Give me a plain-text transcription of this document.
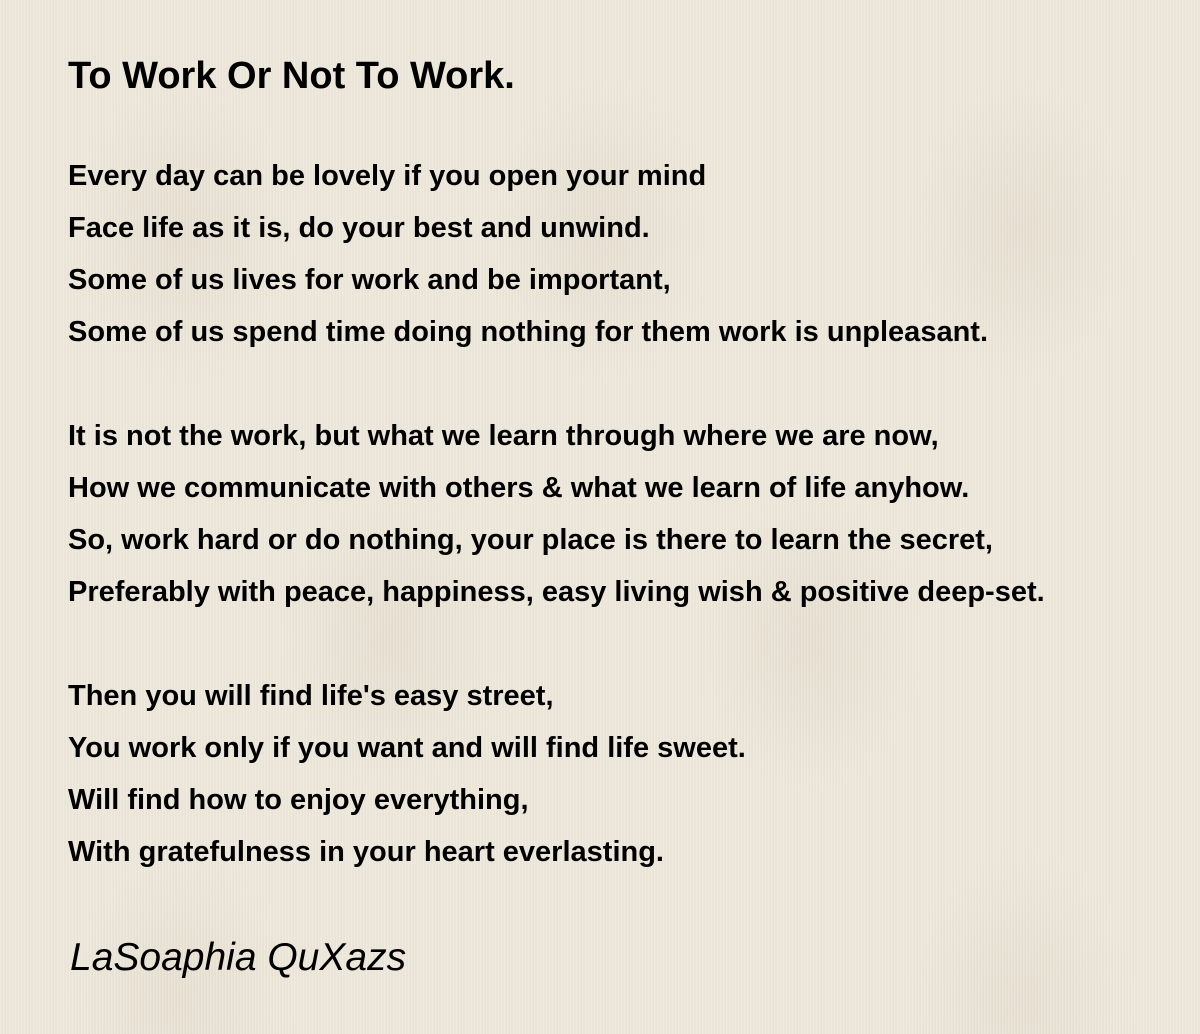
To Work Or Not To Work.
Every day can be lovely if you open your mind
Face life as it is, do your best and unwind.
Some of us lives for work and be important,
Some of us spend time doing nothing for them work is unpleasant.
It is not the work, but what we learn through where we are now,
How we communicate with others & what we learn of life anyhow.
So, work hard or do nothing, your place is there to learn the secret,
Preferably with peace, happiness, easy living wish & positive deep-set.
Then you will find life's easy street,
You work only if you want and will find life sweet.
Will find how to enjoy everything,
With gratefulness in your heart everlasting.

LaSoaphia QuXazs
